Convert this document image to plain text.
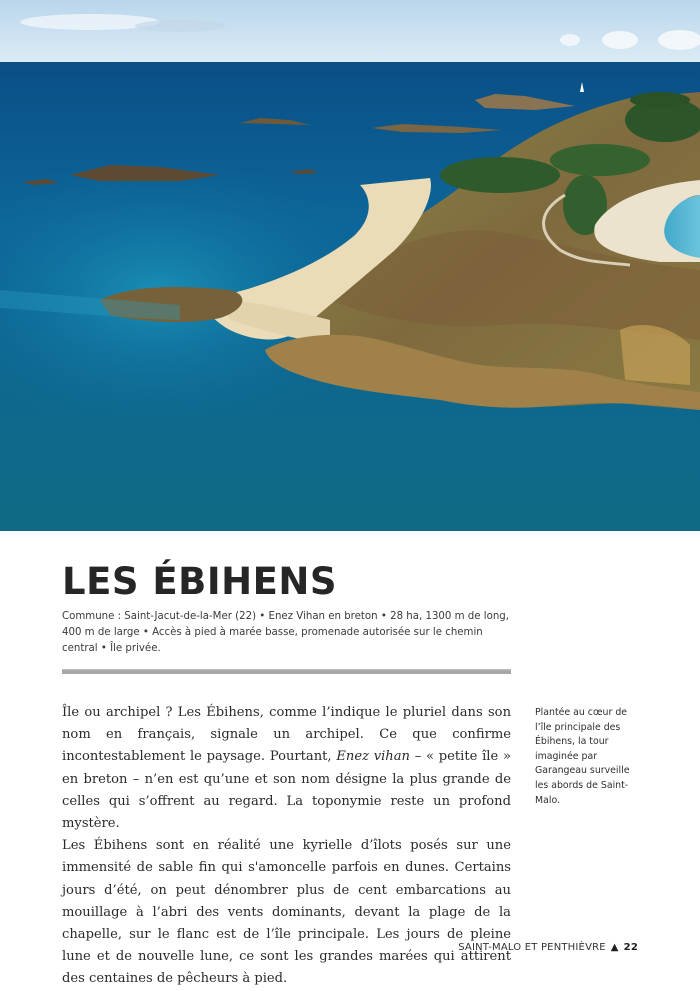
LES ÉBIHENS
Commune : Saint-Jacut-de-la-Mer (22) • Enez Vihan en breton • 28 ha, 1300 m de long, 400 m de large • Accès à pied à marée basse, promenade autorisée sur le chemin central • Île privée.

Île ou archipel ? Les Ébihens, comme l’indique le pluriel dans son nom en français, signale un archipel. Ce que confirme incontestablement le paysage. Pourtant, Enez vihan – « petite île » en breton – n’en est qu’une et son nom désigne la plus grande de celles qui s’offrent au regard. La toponymie reste un profond mystère.

Les Ébihens sont en réalité une kyrielle d’îlots posés sur une immensité de sable fin qui s'amoncelle parfois en dunes. Certains jours d’été, on peut dénombrer plus de cent embarcations au mouillage à l’abri des vents dominants, devant la plage de la chapelle, sur le flanc est de l’île principale. Les jours de pleine lune et de nouvelle lune, ce sont les grandes marées qui attirent des centaines de pêcheurs à pied.

Plantée au cœur de l’île principale des Ébihens, la tour imaginée par Garangeau surveille les abords de Saint-Malo.
SAINT-MALO ET PENTHIÈVRE ▲ 22
